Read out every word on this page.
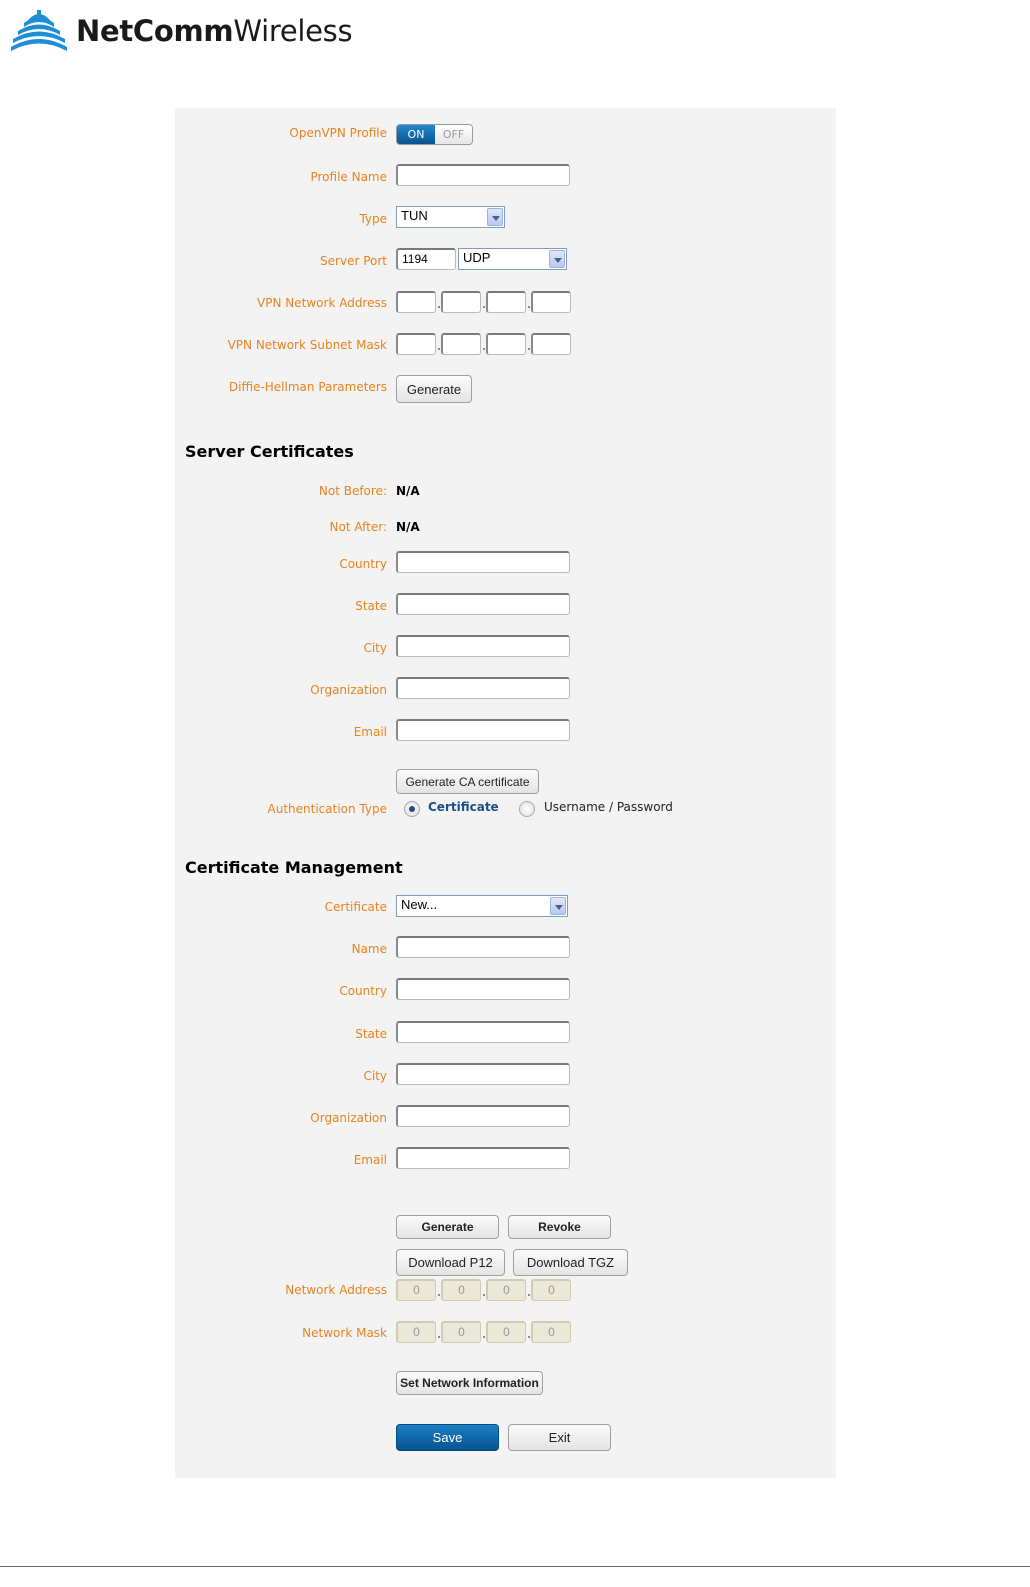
NetCommWireless
OpenVPN Profile	ON	OFF
Profile Name
Type	TUN
Server Port	1194	UDP
VPN Network Address
VPN Network Subnet Mask
Diffie-Hellman Parameters	Generate
Server Certificates
Not Before: N/A
Not After: N/A
Country
State
City
Organization
Email
Generate CA certificate
Authentication Type	Certificate	Username / Password
Certificate Management
Certificate	New...
Name
Country
State
City
Organization
Email
Generate	Revoke
Download P12	Download TGZ
Network Address	0	0	0	0
Network Mask	0	0	0	0
Set Network Information
Save	Exit
